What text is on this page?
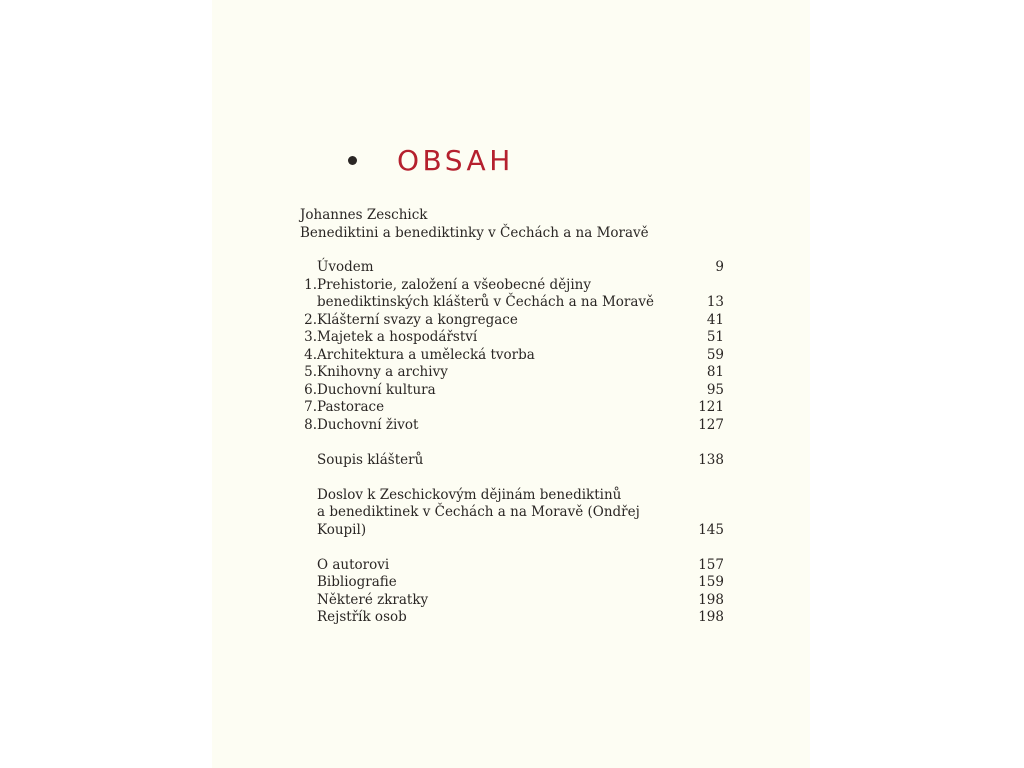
OBSAH
Johannes Zeschick
Benediktini a benediktinky v Čechách a na Moravě
Úvodem	9
1. Prehistorie, založení a všeobecné dějiny
benediktinských klášterů v Čechách a na Moravě	13
2. Klášterní svazy a kongregace	41
3. Majetek a hospodářství	51
4. Architektura a umělecká tvorba	59
5. Knihovny a archivy	81
6. Duchovní kultura	95
7. Pastorace	121
8. Duchovní život	127
Soupis klášterů	138
Doslov k Zeschickovým dějinám benediktinů
a benediktinek v Čechách a na Moravě (Ondřej Koupil)	145
O autorovi	157
Bibliografie	159
Některé zkratky	198
Rejstřík osob	198
